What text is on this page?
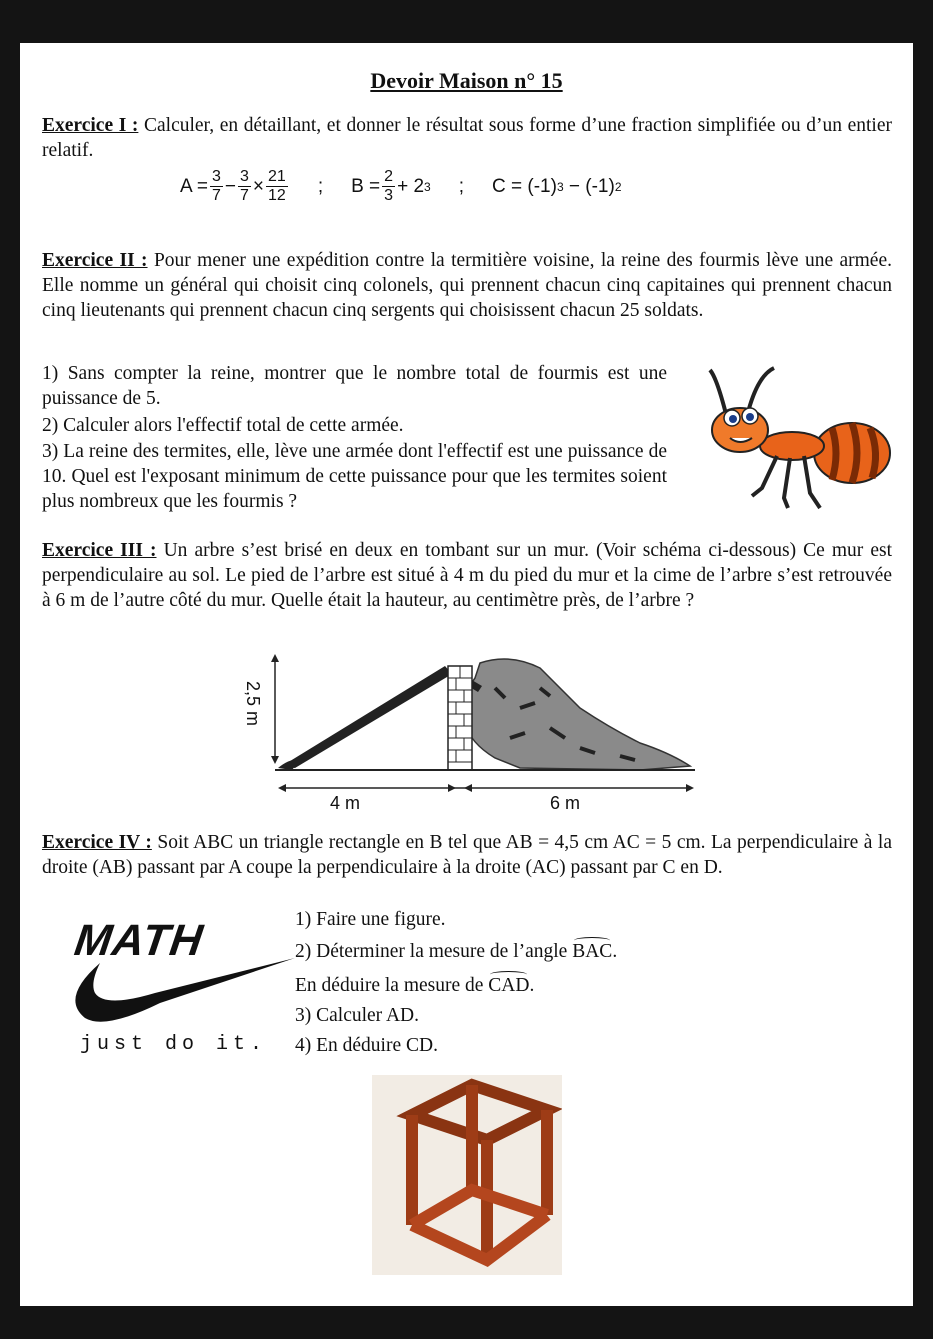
Devoir Maison n° 15
Exercice I : Calculer, en détaillant, et donner le résultat sous forme d’une fraction simplifiée ou d’un entier relatif.
$A = \frac{3}{7} - \frac{3}{7} \times \frac{21}{12}$ ; $B = \frac{2}{3} + 2$ 3 ; C = (-1) 3 − (-1) 2
Exercice II : Pour mener une expédition contre la termitière voisine, la reine des fourmis lève une armée. Elle nomme un général qui choisit cinq colonels, qui prennent chacun cinq capitaines qui prennent chacun cinq lieutenants qui prennent chacun cinq sergents qui choisissent chacun 25 soldats.
1) Sans compter la reine, montrer que le nombre total de fourmis est une puissance de 5.
2) Calculer alors l'effectif total de cette armée.
3) La reine des termites, elle, lève une armée dont l'effectif est une puissance de 10. Quel est l'exposant minimum de cette puissance pour que les termites soient plus nombreux que les fourmis ?
Exercice III : Un arbre s’est brisé en deux en tombant sur un mur. (Voir schéma ci-dessous) Ce mur est perpendiculaire au sol. Le pied de l’arbre est situé à 4 m du pied du mur et la cime de l’arbre s’est retrouvée à 6 m de l’autre côté du mur. Quelle était la hauteur, au centimètre près, de l’arbre ?
2,5 m
4 m	6 m
Exercice IV : Soit ABC un triangle rectangle en B tel que AB = 4,5 cm AC = 5 cm. La perpendiculaire à la droite (AB) passant par A coupe la perpendiculaire à la droite (AC) passant par C en D.
1) Faire une figure.
2) Déterminer la mesure de l’angle BAC.
En déduire la mesure de CAD.
3) Calculer AD.
4) En déduire CD.
MATH
just do it.
